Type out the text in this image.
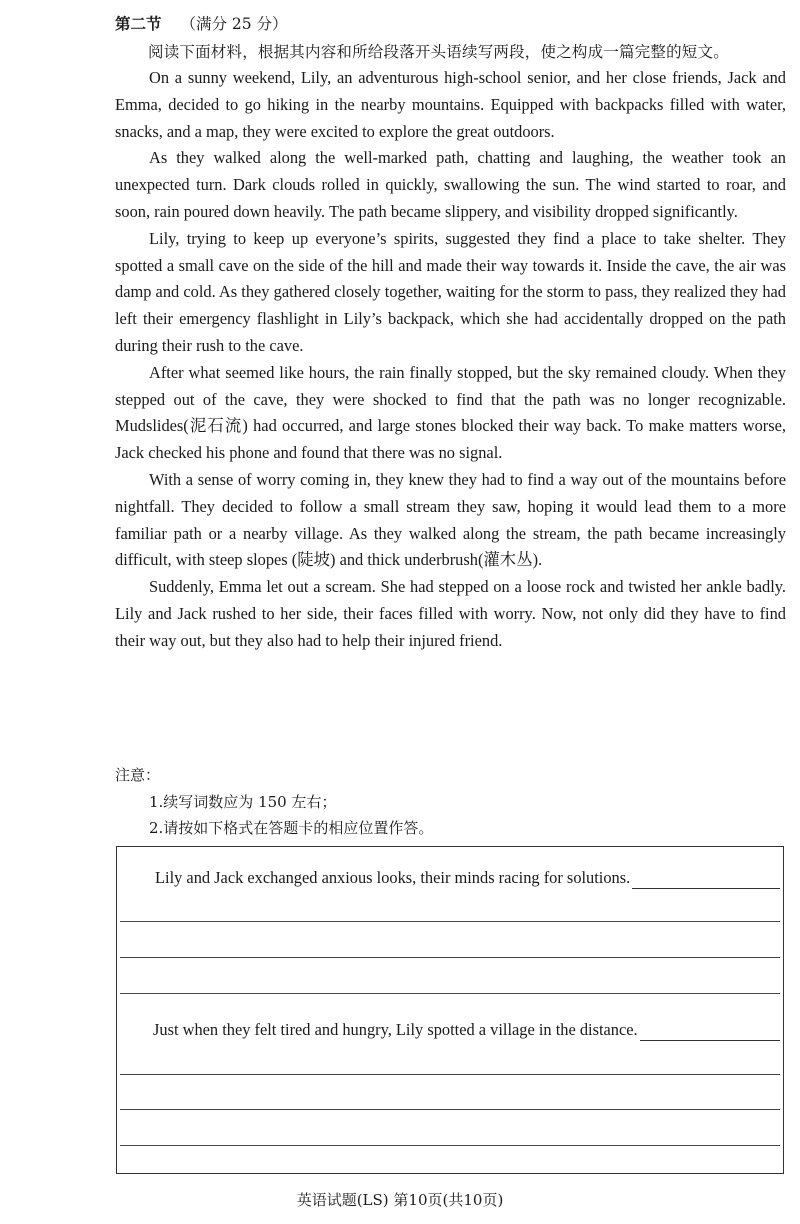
第二节 （满分 25 分）
阅读下面材料，根据其内容和所给段落开头语续写两段，使之构成一篇完整的短文。

On a sunny weekend, Lily, an adventurous high-school senior, and her close friends, Jack and Emma, decided to go hiking in the nearby mountains. Equipped with backpacks filled with water, snacks, and a map, they were excited to explore the great outdoors.

As they walked along the well-marked path, chatting and laughing, the weather took an unexpected turn. Dark clouds rolled in quickly, swallowing the sun. The wind started to roar, and soon, rain poured down heavily. The path became slippery, and visibility dropped significantly.

Lily, trying to keep up everyone’s spirits, suggested they find a place to take shelter. They spotted a small cave on the side of the hill and made their way towards it. Inside the cave, the air was damp and cold. As they gathered closely together, waiting for the storm to pass, they realized they had left their emergency flashlight in Lily’s backpack, which she had accidentally dropped on the path during their rush to the cave.

After what seemed like hours, the rain finally stopped, but the sky remained cloudy. When they stepped out of the cave, they were shocked to find that the path was no longer recognizable. Mudslides(泥石流) had occurred, and large stones blocked their way back. To make matters worse, Jack checked his phone and found that there was no signal.

With a sense of worry coming in, they knew they had to find a way out of the mountains before nightfall. They decided to follow a small stream they saw, hoping it would lead them to a more familiar path or a nearby village. As they walked along the stream, the path became increasingly difficult, with steep slopes (陡坡) and thick underbrush(灌木丛).

Suddenly, Emma let out a scream. She had stepped on a loose rock and twisted her ankle badly. Lily and Jack rushed to her side, their faces filled with worry. Now, not only did they have to find their way out, but they also had to help their injured friend.

注意：
1.续写词数应为 150 左右；
2.请按如下格式在答题卡的相应位置作答。
Lily and Jack exchanged anxious looks, their minds racing for solutions.
Just when they felt tired and hungry, Lily spotted a village in the distance.
英语试题(LS) 第10页(共10页)
